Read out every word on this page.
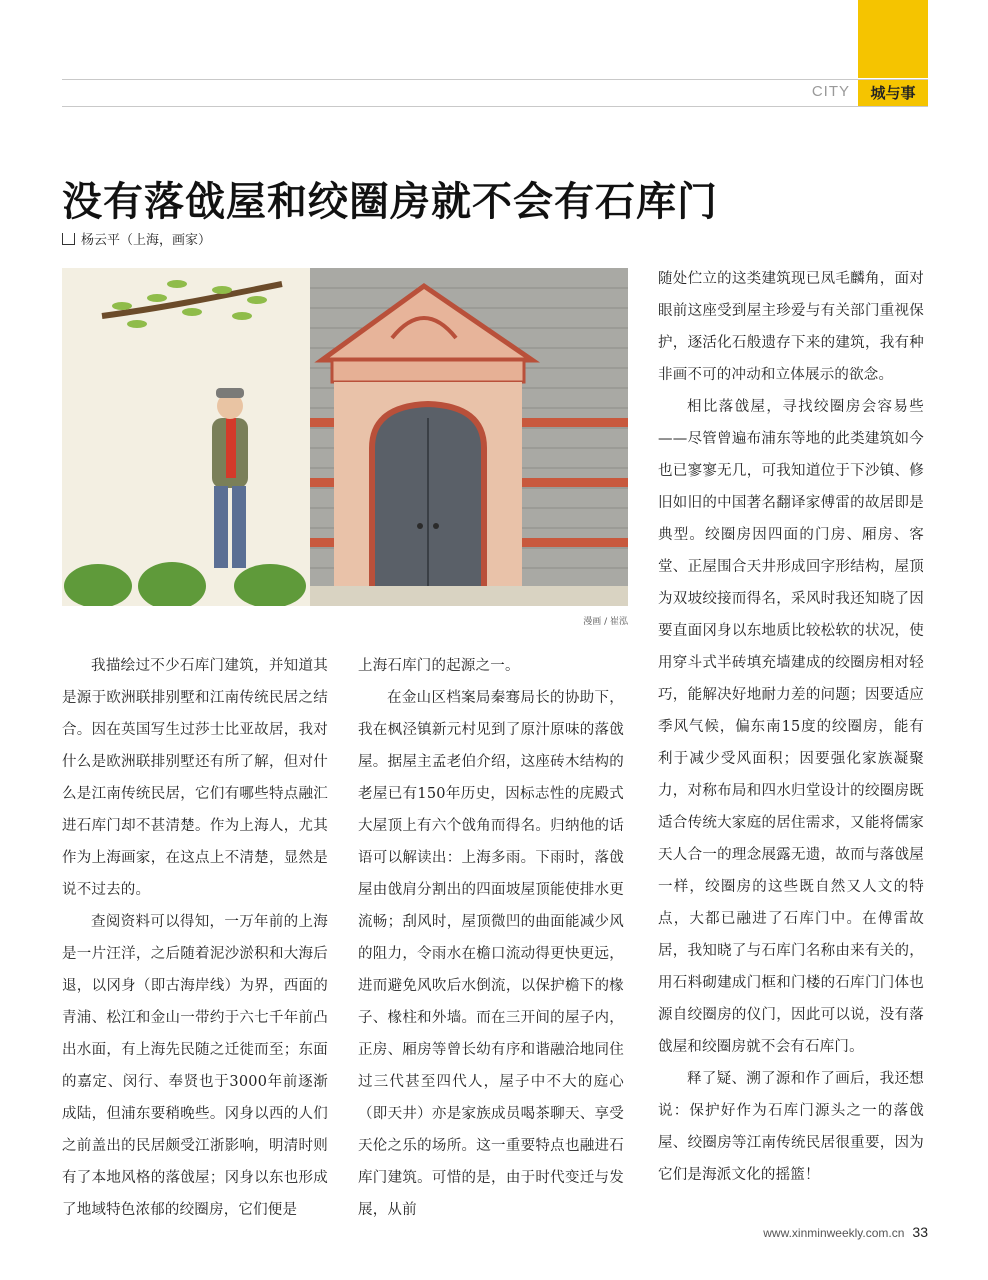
CITY	城与事
没有落戗屋和绞圈房就不会有石库门
杨云平（上海，画家）
漫画 / 崔泓

我描绘过不少石库门建筑，并知道其是源于欧洲联排别墅和江南传统民居之结合。因在英国写生过莎士比亚故居，我对什么是欧洲联排别墅还有所了解，但对什么是江南传统民居，它们有哪些特点融汇进石库门却不甚清楚。作为上海人，尤其作为上海画家，在这点上不清楚，显然是说不过去的。

查阅资料可以得知，一万年前的上海是一片汪洋，之后随着泥沙淤积和大海后退，以冈身（即古海岸线）为界，西面的青浦、松江和金山一带约于六七千年前凸出水面，有上海先民随之迁徙而至；东面的嘉定、闵行、奉贤也于3000年前逐渐成陆，但浦东要稍晚些。冈身以西的人们之前盖出的民居颇受江浙影响，明清时则有了本地风格的落戗屋；冈身以东也形成了地域特色浓郁的绞圈房，它们便是

上海石库门的起源之一。

在金山区档案局秦骞局长的协助下，我在枫泾镇新元村见到了原汁原味的落戗屋。据屋主孟老伯介绍，这座砖木结构的老屋已有150年历史，因标志性的庑殿式大屋顶上有六个戗角而得名。归纳他的话语可以解读出：上海多雨。下雨时，落戗屋由戗肩分割出的四面坡屋顶能使排水更流畅；刮风时，屋顶微凹的曲面能减少风的阻力，令雨水在檐口流动得更快更远，进而避免风吹后水倒流，以保护檐下的椽子、椽柱和外墙。而在三开间的屋子内，正房、厢房等曾长幼有序和谐融洽地同住过三代甚至四代人，屋子中不大的庭心（即天井）亦是家族成员喝茶聊天、享受天伦之乐的场所。这一重要特点也融进石库门建筑。可惜的是，由于时代变迁与发展，从前

随处伫立的这类建筑现已凤毛麟角，面对眼前这座受到屋主珍爱与有关部门重视保护，逐活化石般遗存下来的建筑，我有种非画不可的冲动和立体展示的欲念。

相比落戗屋，寻找绞圈房会容易些——尽管曾遍布浦东等地的此类建筑如今也已寥寥无几，可我知道位于下沙镇、修旧如旧的中国著名翻译家傅雷的故居即是典型。绞圈房因四面的门房、厢房、客堂、正屋围合天井形成回字形结构，屋顶为双坡绞接而得名，采风时我还知晓了因要直面冈身以东地质比较松软的状况，使用穿斗式半砖填充墙建成的绞圈房相对轻巧，能解决好地耐力差的问题；因要适应季风气候，偏东南15度的绞圈房，能有利于减少受风面积；因要强化家族凝聚力，对称布局和四水归堂设计的绞圈房既适合传统大家庭的居住需求，又能将儒家天人合一的理念展露无遗，故而与落戗屋一样，绞圈房的这些既自然又人文的特点，大都已融进了石库门中。在傅雷故居，我知晓了与石库门名称由来有关的，用石料砌建成门框和门楼的石库门门体也源自绞圈房的仪门，因此可以说，没有落戗屋和绞圈房就不会有石库门。

释了疑、溯了源和作了画后，我还想说：保护好作为石库门源头之一的落戗屋、绞圈房等江南传统民居很重要，因为它们是海派文化的摇篮！

www.xinminweekly.com.cn 33
